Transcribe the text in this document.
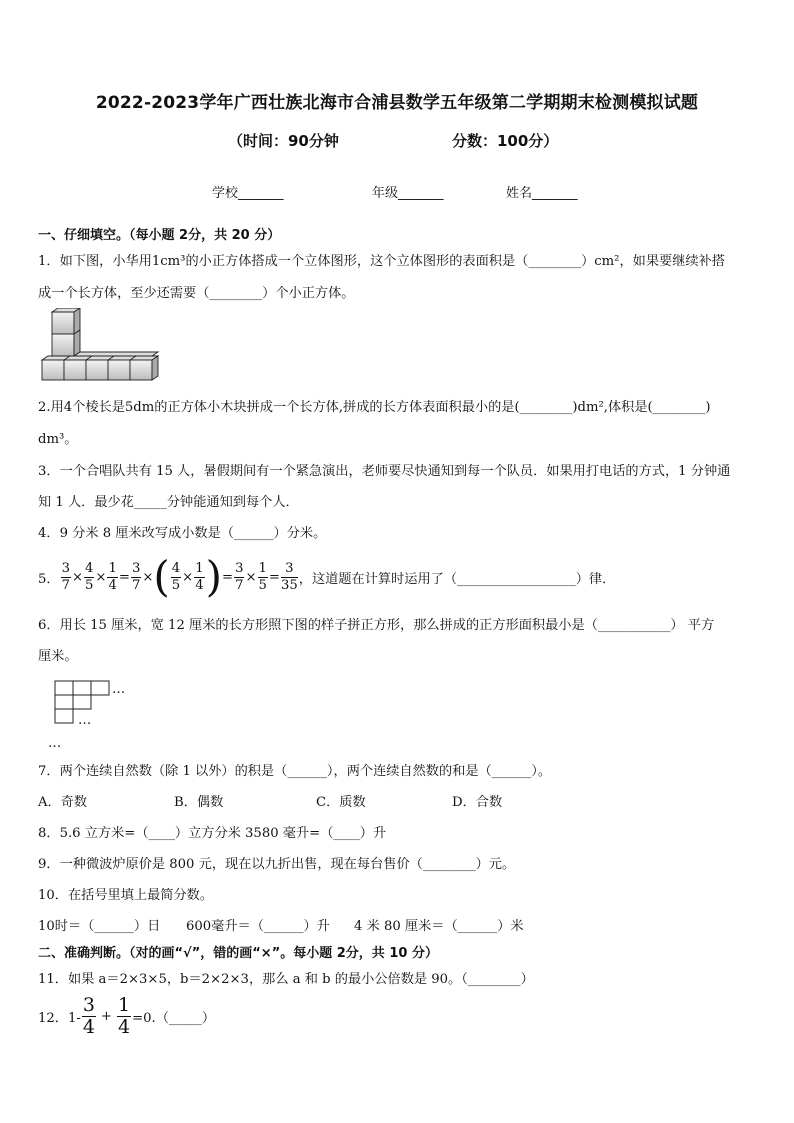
2022-2023学年广西壮族北海市合浦县数学五年级第二学期期末检测模拟试题
（时间：90分钟	分数：100分）
学校_______	年级_______	姓名_______
一、仔细填空。（每小题 2分，共 20 分）
1．如下图，小华用1cm³的小正方体搭成一个立体图形，这个立体图形的表面积是（________）cm²，如果要继续补搭
成一个长方体，至少还需要（________）个小正方体。
2.用4个棱长是5dm的正方体小木块拼成一个长方体,拼成的长方体表面积最小的是(________)dm²,体积是(________)
dm³。
3．一个合唱队共有 15 人，暑假期间有一个紧急演出，老师要尽快通知到每一个队员．如果用打电话的方式，1 分钟通
知 1 人．最少花_____分钟能通知到每个人．
4．9 分米 8 厘米改写成小数是（______）分米。
5． $\frac{3}{7} \times \frac{4}{5} \times \frac{1}{4} = \frac{3}{7}$ × ( $\frac{4}{5} \times \frac{1}{4}$ ) = $\frac{3}{7} \times \frac{1}{5} = \frac{3}{35}$ ，这道题在计算时运用了（__________________）律．
6．用长 15 厘米，宽 12 厘米的长方形照下图的样子拼正方形，那么拼成的正方形面积最小是（___________） 平方
厘米。
…
…
…
7．两个连续自然数（除 1 以外）的积是（______），两个连续自然数的和是（______）。
A．奇数	B．偶数	C．质数	D．合数
8．5.6 立方米=（____）立方分米 3580 毫升=（____）升
9．一种微波炉原价是 800 元，现在以九折出售，现在每台售价（________）元。
10．在括号里填上最简分数。
10时＝（______）日 600毫升＝（______）升 4 米 80 厘米＝（______）米
二、准确判断。（对的画“√”，错的画“×”。每小题 2分，共 10 分）
11．如果 a＝2×3×5，b＝2×2×3，那么 a 和 b 的最小公倍数是 90。（________）
12．$1- \frac{3}{4} + \frac{1}{4}$ =0.（_____）
